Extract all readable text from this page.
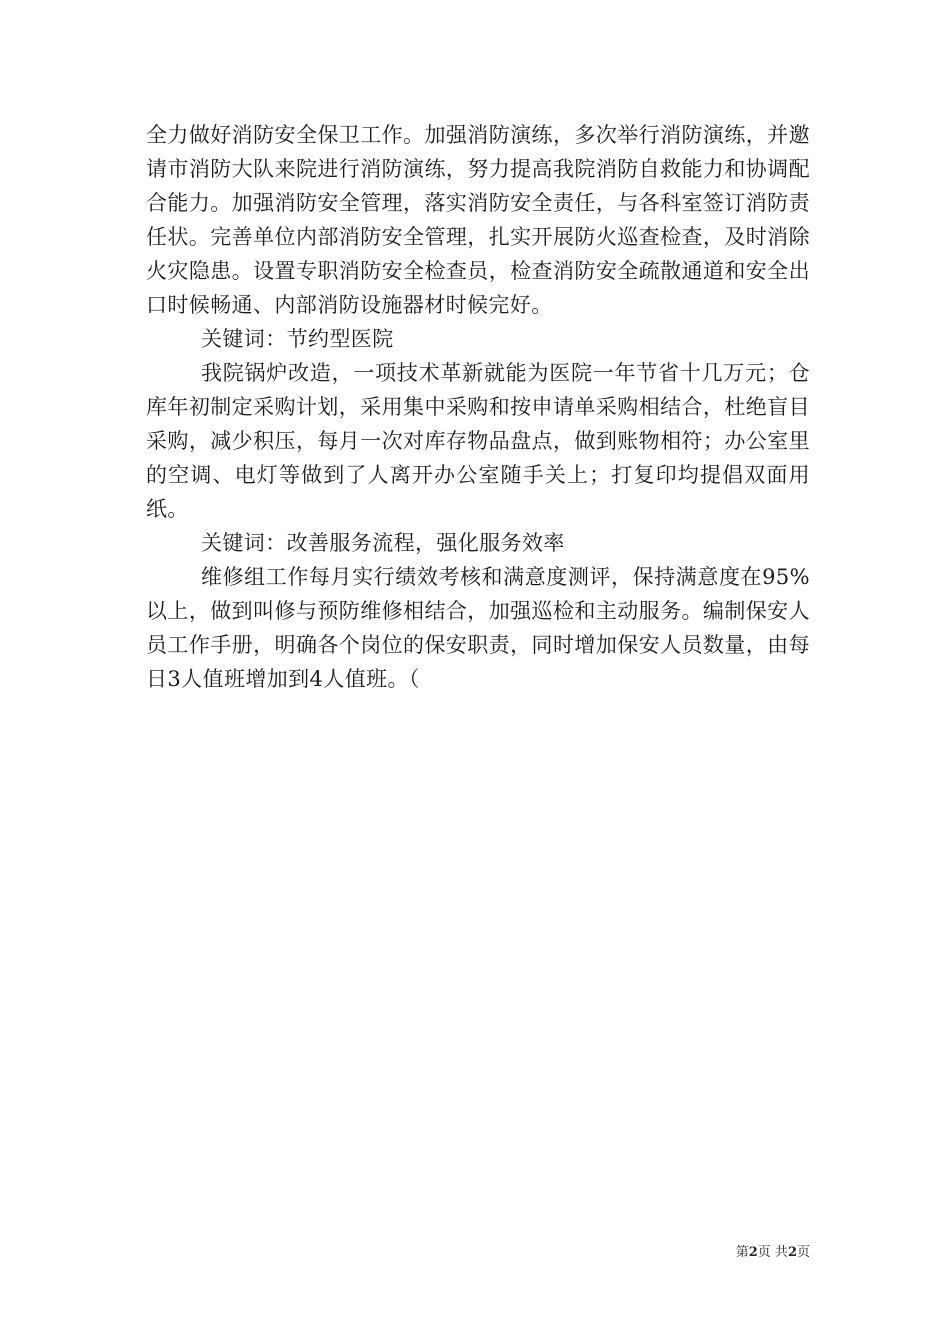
全力做好消防安全保卫工作。加强消防演练，多次举行消防演练，并邀请市消防大队来院进行消防演练，努力提高我院消防自救能力和协调配合能力。加强消防安全管理，落实消防安全责任，与各科室签订消防责任状。完善单位内部消防安全管理，扎实开展防火巡查检查，及时消除火灾隐患。设置专职消防安全检查员，检查消防安全疏散通道和安全出口时候畅通、内部消防设施器材时候完好。

关键词：节约型医院

我院锅炉改造，一项技术革新就能为医院一年节省十几万元；仓库年初制定采购计划，采用集中采购和按申请单采购相结合，杜绝盲目采购，减少积压，每月一次对库存物品盘点，做到账物相符；办公室里的空调、电灯等做到了人离开办公室随手关上；打复印均提倡双面用纸。

关键词：改善服务流程，强化服务效率

维修组工作每月实行绩效考核和满意度测评，保持满意度在95%以上，做到叫修与预防维修相结合，加强巡检和主动服务。编制保安人员工作手册，明确各个岗位的保安职责，同时增加保安人员数量，由每日3人值班增加到4人值班。（

第2页 共2页
